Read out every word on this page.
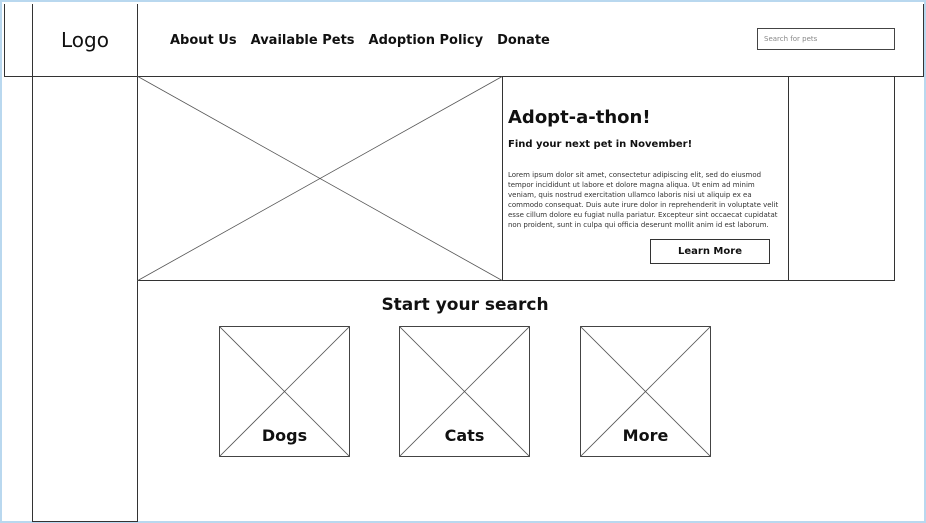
Logo	About Us Available Pets Adoption Policy Donate
Search for pets
Adopt-a-thon!
Find your next pet in November!
Lorem ipsum dolor sit amet, consectetur adipiscing elit, sed do eiusmod tempor incididunt ut labore et dolore magna aliqua. Ut enim ad minim veniam, quis nostrud exercitation ullamco laboris nisi ut aliquip ex ea commodo consequat. Duis aute irure dolor in reprehenderit in voluptate velit esse cillum dolore eu fugiat nulla pariatur. Excepteur sint occaecat cupidatat non proident, sunt in culpa qui officia deserunt mollit anim id est laborum.
Learn More
Start your search
Dogs	Cats	More
